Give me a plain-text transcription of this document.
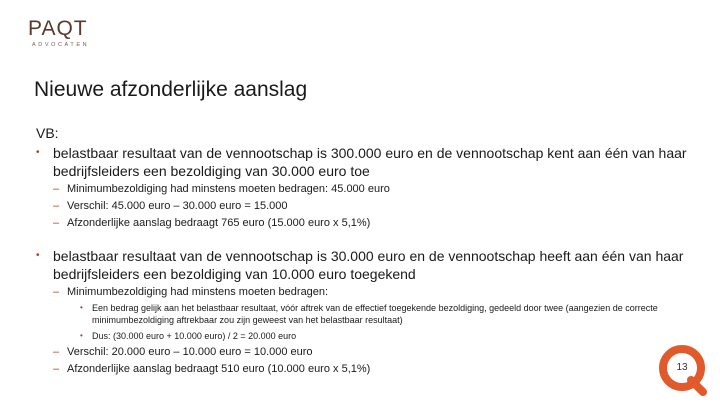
PAQT
ADVOCATEN
Nieuwe afzonderlijke aanslag
VB:
• belastbaar resultaat van de vennootschap is 300.000 euro en de vennootschap kent aan één van haar bedrijfsleiders een bezoldiging van 30.000 euro toe
– Minimumbezoldiging had minstens moeten bedragen: 45.000 euro
– Verschil: 45.000 euro – 30.000 euro = 15.000
– Afzonderlijke aanslag bedraagt 765 euro (15.000 euro x 5,1%)
• belastbaar resultaat van de vennootschap is 30.000 euro en de vennootschap heeft aan één van haar bedrijfsleiders een bezoldiging van 10.000 euro toegekend
– Minimumbezoldiging had minstens moeten bedragen:
• Een bedrag gelijk aan het belastbaar resultaat, vóór aftrek van de effectief toegekende bezoldiging, gedeeld door twee (aangezien de correcte minimumbezoldiging aftrekbaar zou zijn geweest van het belastbaar resultaat)
• Dus: (30.000 euro + 10.000 euro) / 2 = 20.000 euro
– Verschil: 20.000 euro – 10.000 euro = 10.000 euro
– Afzonderlijke aanslag bedraagt 510 euro (10.000 euro x 5,1%)	13
